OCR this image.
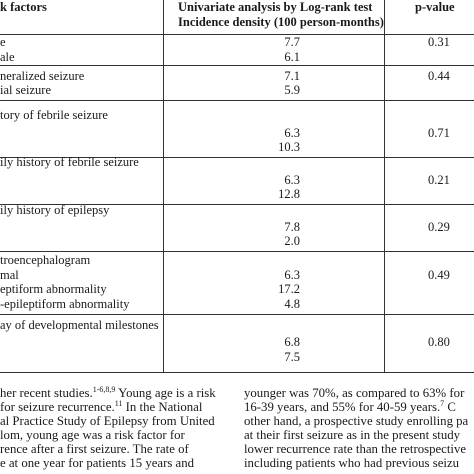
k factors	Univariate analysis by Log-rank test
Incidence density (100 person-months)
p-value
e	7.7	0.31
ale	6.1
neralized seizure	7.1	0.44
ial seizure	5.9
tory of febrile seizure
6.3	0.71
10.3
ily history of febrile seizure
6.3	0.21
12.8
ily history of epilepsy
7.8	0.29
2.0
troencephalogram
mal	6.3	0.49
eptiform abnormality	17.2
-epileptiform abnormality	4.8
ay of developmental milestones
6.8	0.80
7.5
her recent studies.$^{1-6,8,9}$ Young age is a risk
for seizure recurrence.$^{11}$ In the National
al Practice Study of Epilepsy from United
lom, young age was a risk factor for
rence after a first seizure. The rate of
e at one year for patients 15 years and
younger was 70%, as compared to 63% for
16-39 years, and 55% for 40-59 years.$^7$ C
other hand, a prospective study enrolling pa
at their first seizure as in the present study
lower recurrence rate than the retrospective
including patients who had previous seizu
